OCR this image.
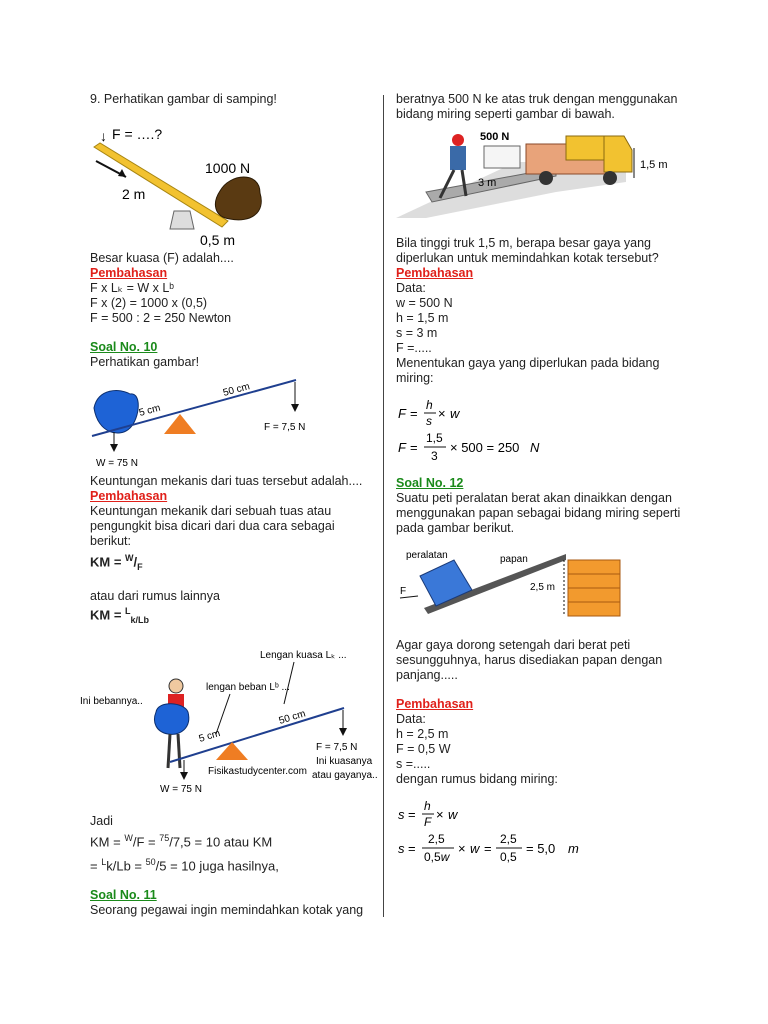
9. Perhatikan gambar di samping!

↓ F = ….?
2 m
1000 N
0,5 m

Besar kuasa (F) adalah....

Pembahasan

F x Lₖ = W x Lᵇ

F x (2) = 1000 x (0,5)

F = 500 : 2 = 250 Newton

Soal No. 10

Perhatikan gambar!

5 cm
50 cm
F = 7,5 N
W = 75 N

Keuntungan mekanis dari tuas tersebut adalah....

Pembahasan

Keuntungan mekanik dari sebuah tuas atau pengungkit bisa dicari dari dua cara sebagai berikut:

KM = $^W/_F$

atau dari rumus lainnya

KM = $^L_{k/Lb}$

Lengan kuasa Lₖ ...
lengan beban Lᵇ ...
Ini bebannya..
5 cm
50 cm
Fisikastudycenter.com
F = 7,5 N
Ini kuasanya
atau gayanya..
W = 75 N

Jadi

KM = $^W$/F = $^{75}$/7,5 = 10 atau KM

= $^L$k/Lb = $^{50}$/5 = 10 juga hasilnya,

Soal No. 11

Seorang pegawai ingin memindahkan kotak yang

beratnya 500 N ke atas truk dengan menggunakan bidang miring seperti gambar di bawah.

500 N
1,5 m
3 m

Bila tinggi truk 1,5 m, berapa besar gaya yang diperlukan untuk memindahkan kotak tersebut?

Pembahasan

Data:

w = 500 N

h = 1,5 m

s = 3 m

F =.....

Menentukan gaya yang diperlukan pada bidang miring:

F =
h
s × w
F =
1,5
3
× 500 = 250 N

Soal No. 12

Suatu peti peralatan berat akan dinaikkan dengan menggunakan papan sebagai bidang miring seperti pada gambar berikut.

peralatan	papan
F	2,5 m

Agar gaya dorong setengah dari berat peti sesungguhnya, harus disediakan papan dengan panjang.....

Pembahasan

Data:

h = 2,5 m

F = 0,5 W

s =.....

dengan rumus bidang miring:

s =
h
F × w
s =
2,5
0,5w
× w =
2,5
0,5
= 5,0 m
